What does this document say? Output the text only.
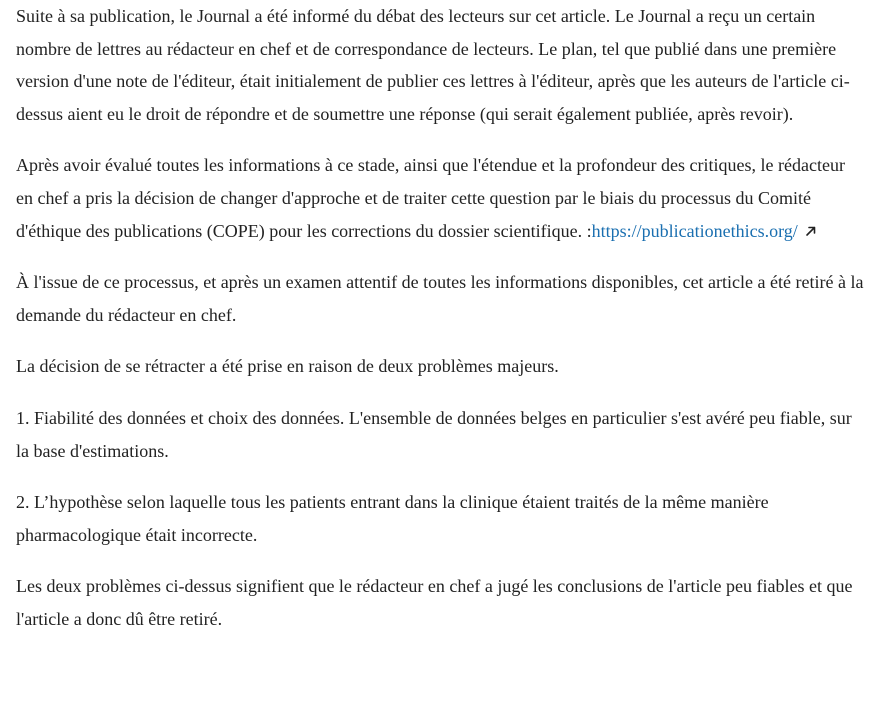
Suite à sa publication, le Journal a été informé du débat des lecteurs sur cet article. Le Journal a reçu un certain nombre de lettres au rédacteur en chef et de correspondance de lecteurs. Le plan, tel que publié dans une première version d'une note de l'éditeur, était initialement de publier ces lettres à l'éditeur, après que les auteurs de l'article ci-dessus aient eu le droit de répondre et de soumettre une réponse (qui serait également publiée, après revoir).

Après avoir évalué toutes les informations à ce stade, ainsi que l'étendue et la profondeur des critiques, le rédacteur en chef a pris la décision de changer d'approche et de traiter cette question par le biais du processus du Comité d'éthique des publications (COPE) pour les corrections du dossier scientifique. :https://publicationethics.org/

À l'issue de ce processus, et après un examen attentif de toutes les informations disponibles, cet article a été retiré à la demande du rédacteur en chef.

La décision de se rétracter a été prise en raison de deux problèmes majeurs.

1. Fiabilité des données et choix des données. L'ensemble de données belges en particulier s'est avéré peu fiable, sur la base d'estimations.

2. L’hypothèse selon laquelle tous les patients entrant dans la clinique étaient traités de la même manière pharmacologique était incorrecte.

Les deux problèmes ci-dessus signifient que le rédacteur en chef a jugé les conclusions de l'article peu fiables et que l'article a donc dû être retiré.
